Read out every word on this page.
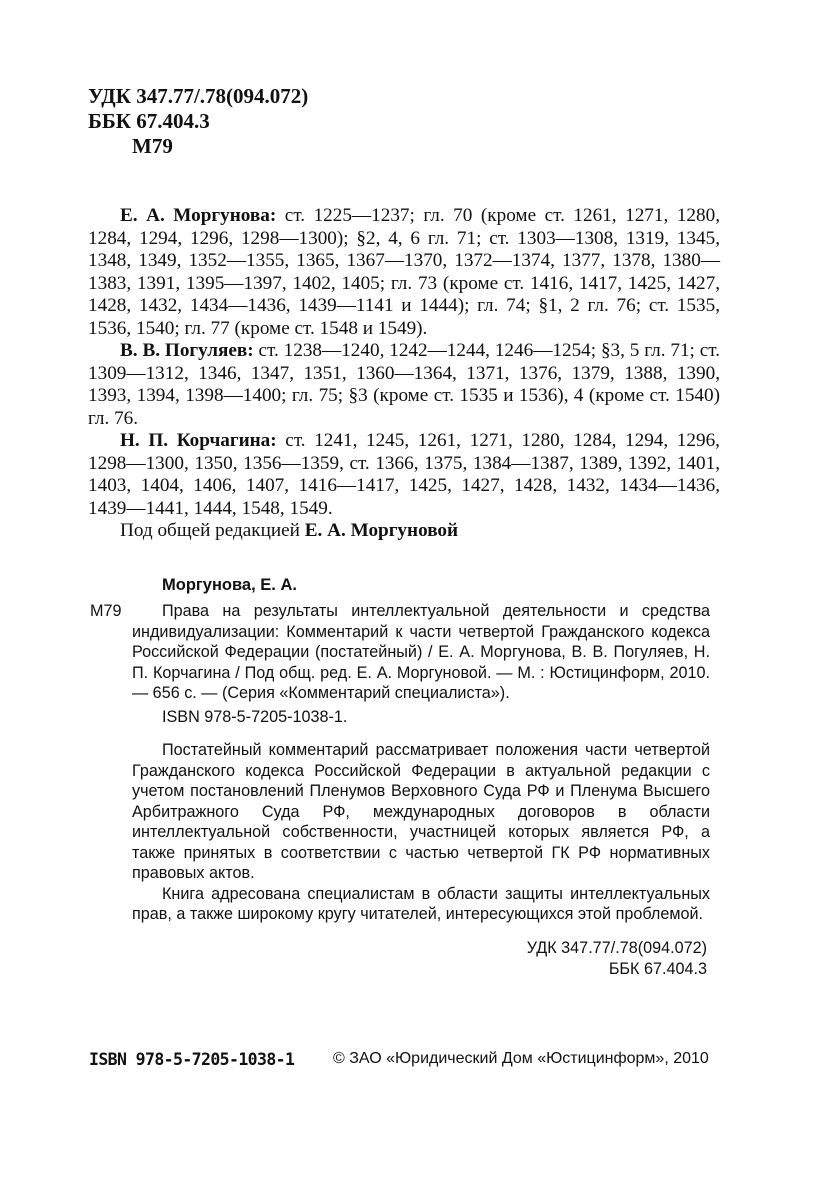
УДК 347.77/.78(094.072)
ББК 67.404.3
М79

Е. А. Моргунова: ст. 1225—1237; гл. 70 (кроме ст. 1261, 1271, 1280, 1284, 1294, 1296, 1298—1300); §2, 4, 6 гл. 71; ст. 1303—1308, 1319, 1345, 1348, 1349, 1352—1355, 1365, 1367—1370, 1372—1374, 1377, 1378, 1380—1383, 1391, 1395—1397, 1402, 1405; гл. 73 (кроме ст. 1416, 1417, 1425, 1427, 1428, 1432, 1434—1436, 1439—1141 и 1444); гл. 74; §1, 2 гл. 76; ст. 1535, 1536, 1540; гл. 77 (кроме ст. 1548 и 1549).

В. В. Погуляев: ст. 1238—1240, 1242—1244, 1246—1254; §3, 5 гл. 71; ст. 1309—1312, 1346, 1347, 1351, 1360—1364, 1371, 1376, 1379, 1388, 1390, 1393, 1394, 1398—1400; гл. 75; §3 (кроме ст. 1535 и 1536), 4 (кроме ст. 1540) гл. 76.

Н. П. Корчагина: ст. 1241, 1245, 1261, 1271, 1280, 1284, 1294, 1296, 1298—1300, 1350, 1356—1359, ст. 1366, 1375, 1384—1387, 1389, 1392, 1401, 1403, 1404, 1406, 1407, 1416—1417, 1425, 1427, 1428, 1432, 1434—1436, 1439—1441, 1444, 1548, 1549.

Под общей редакцией Е. А. Моргуновой

Моргунова, Е. А.
М79	Права на результаты интеллектуальной деятельности и средства индивидуализации: Комментарий к части четвертой Гражданского кодекса Российской Федерации (постатейный) / Е. А. Моргунова, В. В. Погуляев, Н. П. Корчагина / Под общ. ред. Е. А. Моргуновой. — М. : Юстицинформ, 2010. — 656 с. — (Серия «Комментарий специалиста»).
ISBN 978-5-7205-1038-1.

Постатейный комментарий рассматривает положения части четвертой Гражданского кодекса Российской Федерации в актуальной редакции с учетом постановлений Пленумов Верховного Суда РФ и Пленума Высшего Арбитражного Суда РФ, международных договоров в области интеллектуальной собственности, участницей которых является РФ, а также принятых в соответствии с частью четвертой ГК РФ нормативных правовых актов.

Книга адресована специалистам в области защиты интеллектуальных прав, а также широкому кругу читателей, интересующихся этой проблемой.

УДК 347.77/.78(094.072)
ББК 67.404.3
ISBN 978-5-7205-1038-1 © ЗАО «Юридический Дом «Юстицинформ», 2010
